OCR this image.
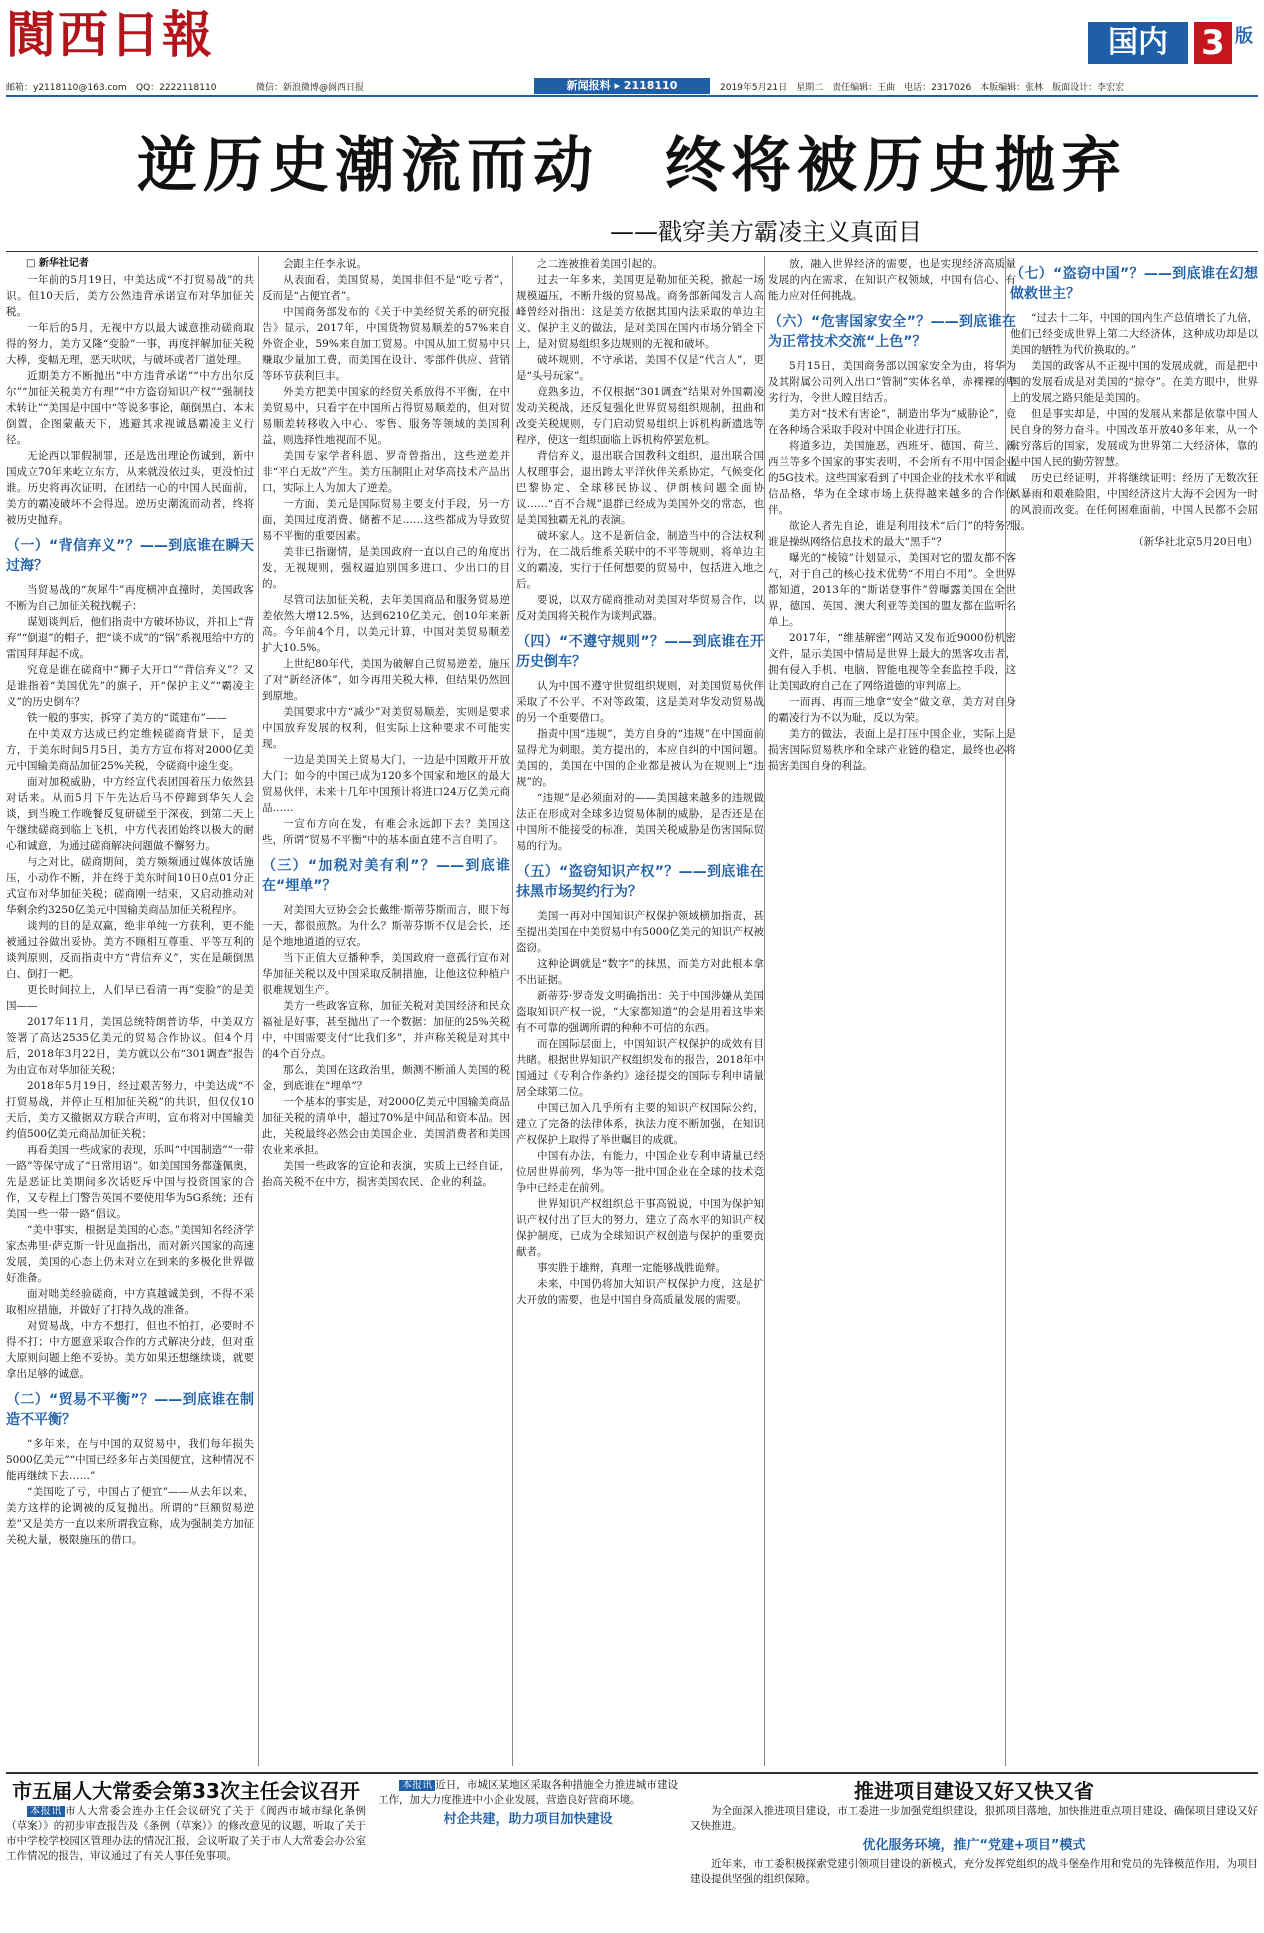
閬西日報	国内 3 版
邮箱：y2118110@163.com QQ：2222118110	微信：新浪微博@阆西日报	新闻报料 ▸ 2118110	2019年5月21日　星期二　责任编辑：王曲　电话：2317026　本版编辑：张林　版面设计：李宏宏
逆历史潮流而动　终将被历史抛弃
——戳穿美方霸凌主义真面目

□ 新华社记者

一年前的5月19日，中美达成“不打贸易战”的共识。但10天后，美方公然违背承诺宣布对华加征关税。

一年后的5月，无视中方以最大诚意推动磋商取得的努力，美方又隆“变脸”一事，再度抨解加征关税大棒，变幅无理，恶天吠吠，与破坏或者厂道处理。

近期美方不断抛出“中方违背承诺”“中方出尔反尔”“加征关税美方有理”“中方盗窃知识产权”“强制技术转让”“美国是中国中“等说多事论，颠倒黑白、本末倒置，企图蒙蔽天下，逃避其求视诚恳霸凌主义行径。

无论西以罪假制罪，还是选出理论伤诚到，新中国成立70年来屹立东方，从来就没依过头，更没怕过谁。历史将再次证明，在团结一心的中国人民面前，美方的霸凌破坏不会得逞。逆历史潮流而动者，终将被历史抛弃。

（一）“背信弃义”？——到底谁在瞬天过海？

当贸易战的“灰犀牛”再度横冲直撞时，美国政客不断为自己加征关税找幌子：

谋划谈判后，他们指责中方破坏协议，并扣上“背弃”“倒退”的帽子，把“谈不成”的“锅”系视甩给中方的雷国拜拜起不成。

究竟是谁在磋商中“狮子大开口”“背信弃义”？又是谁指着“美国优先”的旗子，开“保护主义”“霸凌主义”的历史倒车？

铁一般的事实，拆穿了美方的“谎建布”——

在中美双方达成已约定维候磋商背景下，是美方，于美东时间5月5日，美方方宣布将对2000亿美元中国输美商品加征25%关税，令磋商中途生变。

面对加税威胁，中方经宣代表团国着压力依然县对话来。从而5月下午先达后马不停蹄到华矢人会谈，到当晚工作晚餐反复研磋至于深夜，到第二天上午继续磋商到临上飞机，中方代表团始终以极大的耐心和诚意，为通过磋商解决问题做不懈努力。

与之对比，磋商期间，美方频频通过媒体放话施压，小动作不断，并在终于美东时间10日0点01分正式宣布对华加征关税；磋商刚一结束，又启动推动对华剩余约3250亿美元中国输美商品加征关税程序。

谈判的目的是双赢，绝非单纯一方获利，更不能被通过谷做出妥协。美方不顾相互尊重、平等互利的谈判原则，反而指责中方“背信弃义”，实在是颠倒黑白、倒打一耙。

更长时间拉上，人们早已看清一再“变脸”的是美国——

2017年11月，美国总统特朗普访华，中美双方签署了高达2535亿美元的贸易合作协议。但4个月后，2018年3月22日，美方就以公布“301调查”报告为由宣布对华加征关税；

2018年5月19日，经过艰苦努力，中美达成“不打贸易战，并停止互相加征关税”的共识，但仅仅10天后，美方又撤据双方联合声明，宣布将对中国输美约值500亿美元商品加征关税；

再看美国一些成家的表现，乐叫“中国制造”“一带一路”等保守成了“日常用语”。如美国国务都蓬佩奥，先是恶证比美期间多次话贬斥中国与投资国家的合作，又专程上门警告英国不要使用华为5G系统；还有美国一些一带一路”倡议。

“美中事实，根据是美国的心态。”美国知名经济学家杰弗里·萨克斯一针见血指出，而对新兴国家的高速发展，美国的心态上仍未对立在到来的多极化世界做好准备。

面对咄美经验磋商，中方真越诚美到，不得不采取相应措施，并做好了打持久战的准备。

对贸易战，中方不想打，但也不怕打，必要时不得不打；中方愿意采取合作的方式解决分歧，但对重大原则问题上绝不妥协。美方如果还想继续谈，就要拿出足够的诚意。

（二）“贸易不平衡”？——到底谁在制造不平衡？

“多年来，在与中国的双贸易中，我们每年损失5000亿美元”“中国已经多年占美国便宜，这种情况不能再继续下去……”

“美国吃了亏，中国占了便宜”——从去年以来，美方这样的论调被的反复抛出。所谓的“巨额贸易逆差”又是美方一直以来所谓我宣称，成为强制美方加征关税大量，极限施压的借口。

会跟主任李永说。

从表面看，美国贸易，美国非但不是“吃亏者”，反而是“占便宜者”。

中国商务部发布的《关于中美经贸关系的研究报告》显示，2017年，中国货物贸易顺差的57%来自外资企业，59%来自加工贸易。中国从加工贸易中只赚取少量加工费，而美国在设计、零部件供应、营销等环节获利巨丰。

外美方把美中国家的经贸关系放得不平衡，在中美贸易中，只看宇在中国所占得贸易顺差的，但对贸易顺差转移收入中心、零售、服务等领域的美国利益，则选择性地视而不见。

美国专家学者科恩、罗奇曾指出，这些逆差并非“平白无故”产生。美方压制阻止对华高技术产品出口，实际上人为加大了逆差。

一方面，美元是国际贸易主要支付手段，另一方面，美国过度消费、储蓄不足……这些都成为导致贸易不平衡的重要因素。

美非已指谢情，是美国政府一直以自己的角度出发，无视规则，强权逼迫别国多进口、少出口的目的。

尽管司法加征关税，去年美国商品和服务贸易逆差依然大增12.5%，达到6210亿美元，创10年来新高。今年前4个月，以美元计算，中国对美贸易顺差扩大10.5%。

上世纪80年代，美国为破解自己贸易逆差，施压了对“新经济体”，如今再用关税大棒，但结果仍然回到原地。

美国要求中方“减少”对美贸易顺差，实则是要求中国放弃发展的权利，但实际上这种要求不可能实现。

一边是美国关上贸易大门，一边是中国敞开开放大门；如今的中国已成为120多个国家和地区的最大贸易伙伴，未来十几年中国预计将进口24万亿美元商品……

一宣布方向在发，有难会永远卸下去？美国这些，所谓“贸易不平衡”中的基本面直建不言自明了。

（三）“加税对美有利”？——到底谁在“埋单”？

对美国大豆协会会长戴维·斯蒂芬斯而言，眼下每一天，都很煎熬。为什么？斯蒂芬斯不仅是会长，还是个地地道道的豆农。

当下正值大豆播种季，美国政府一意孤行宣布对华加征关税以及中国采取反制措施，让他这位种植户很难规划生产。

美方一些政客宣称，加征关税对美国经济和民众福祉是好事，甚至抛出了一个数据：加征的25%关税中，中国需要支付“比我们多”，并声称关税是对其中的4个百分点。

那么，美国在这政治里，颇测不断涌人美国的税金，到底谁在“埋单”？

一个基本的事实是，对2000亿美元中国输美商品加征关税的清单中，超过70%是中间品和资本品。因此，关税最终必然会由美国企业、美国消费者和美国农业来承担。

美国一些政客的宣论和表演，实质上已经自证，抬高关税不在中方，损害美国农民、企业的利益。

之二连被推着美国引起的。

过去一年多来，美国更是勒加征关税，掀起一场规模逼压，不断升级的贸易战。商务部新闻发言人高峰曾经对指出：这是美方依据其国内法采取的单边主义、保护主义的做法，是对美国在国内市场分销全下上，是对贸易组织多边规则的无视和破坏。

破坏规则，不守承诺，美国不仅是“代言人”，更是“头号玩家”。

竟熟多边，不仅根据“301调查”结果对外国霸凌发动关税战，还反复强化世界贸易组织规制，扭曲和改变关税规则，专门启动贸易组织上诉机构新遗选等程序，使这一组织面临上诉机构停罢危机。

背信弃义，退出联合国教科文组织，退出联合国人权理事会，退出跨太平洋伙伴关系协定，气候变化巴黎协定、全球移民协议、伊朗核问题全面协议……“百不合规”退群已经成为美国外交的常态，也是美国独霸无礼的表演。

破坏家人。这不是新信金，制造当中的合法权利行为，在二战后维系关联中的不平等规则，将单边主义的霸凌，实行于任何想要的贸易中，包括进入地之后。

要说，以双方磋商推动对美国对华贸易合作，以反对美国将关税作为谈判武器。

（四）“不遵守规则”？——到底谁在开历史倒车？

认为中国不遵守世贸组织规则，对美国贸易伙伴采取了不公平、不对等政策，这是美对华发动贸易战的另一个重要借口。

指责中国“违规”，美方自身的“违规”在中国面前显得尤为刺眼。美方提出的，本应自纠的中国问题。美国的，美国在中国的企业都是被认为在规则上“违规”的。

“违规”是必须面对的——美国越来越多的违规做法正在形成对全球多边贸易体制的威胁，是否还是在中国所不能接受的标准，美国关税威胁是伤害国际贸易的行为。

（五）“盗窃知识产权”？——到底谁在抹黑市场契约行为？

美国一再对中国知识产权保护领域横加指责，甚至提出美国在中美贸易中有5000亿美元的知识产权被盗窃。

这种论调就是“数字”的抹黑，而美方对此根本拿不出证据。

新蒂芬·罗奇发文明确指出：关于中国涉嫌从美国盗取知识产权一说，“大家都知道”的会是用着这毕来有不可靠的强调所谓的种种不可信的东西。

而在国际层面上，中国知识产权保护的成效有目共睹。根据世界知识产权组织发布的报告，2018年中国通过《专利合作条约》途径提交的国际专利申请量居全球第二位。

中国已加入几乎所有主要的知识产权国际公约，建立了完备的法律体系，执法力度不断加强，在知识产权保护上取得了举世瞩目的成就。

中国有办法，有能力，中国企业专利申请量已经位居世界前列，华为等一批中国企业在全球的技术竞争中已经走在前列。

世界知识产权组织总干事高锐说，中国为保护知识产权付出了巨大的努力，建立了高水平的知识产权保护制度，已成为全球知识产权创造与保护的重要贡献者。

事实胜于雄辩，真理一定能够战胜诡辩。

未来，中国仍将加大知识产权保护力度，这是扩大开放的需要，也是中国自身高质量发展的需要。

放，融入世界经济的需要，也是实现经济高质量发展的内在需求，在知识产权领域，中国有信心、有能力应对任何挑战。

（六）“危害国家安全”？——到底谁在为正常技术交流“上色”？

5月15日，美国商务部以国家安全为由，将华为及其附属公司列入出口“管制”实体名单，赤裸裸的卑劣行为，令世人瞠目结舌。

美方对“技术有害论”，制造出华为“威胁论”，竟在各种场合采取手段对中国企业进行打压。

将道多边，美国施恶，西班牙、德国、荷兰、新西兰等多个国家的事实表明，不会所有不用中国企业的5G技术。这些国家看到了中国企业的技术水平和诚信品格，华为在全球市场上获得越来越多的合作伙伴。

欲论人者先自论，谁是利用技术“后门”的特务？谁是操纵网络信息技术的最大“黑手”？

曝光的“棱镜”计划显示，美国对它的盟友都不客气，对于自己的核心技术优势“不用白不用”。全世界都知道，2013年的“斯诺登事件”曾曝露美国在全世界，德国、英国、澳大利亚等美国的盟友都在监听名单上。

2017年，“维基解密”网站又发布近9000份机密文件，显示美国中情局是世界上最大的黑客攻击者，拥有侵入手机、电脑、智能电视等全套监控手段，这让美国政府自己在了网络道德的审判席上。

一而再、再而三地拿“安全”做文章，美方对自身的霸凌行为不以为耻，反以为荣。

美方的做法，表面上是打压中国企业，实际上是损害国际贸易秩序和全球产业链的稳定，最终也必将损害美国自身的利益。

（七）“盗窃中国”？——到底谁在幻想做救世主？

“过去十二年，中国的国内生产总值增长了九倍，他们已经变成世界上第二大经济体，这种成功却是以美国的牺牲为代价换取的。”

美国的政客从不正视中国的发展成就，而是把中国的发展看成是对美国的“掠夺”。在美方眼中，世界上的发展之路只能是美国的。

但是事实却是，中国的发展从来都是依靠中国人民自身的努力奋斗。中国改革开放40多年来，从一个贫穷落后的国家，发展成为世界第二大经济体，靠的是中国人民的勤劳智慧。

历史已经证明，并将继续证明：经历了无数次狂风暴雨和艰难险阻，中国经济这片大海不会因为一时的风浪而改变。在任何困难面前，中国人民都不会屈服。

（新华社北京5月20日电）

市五届人大常委会第33次主任会议召开

本报讯 市人大常委会连办主任会议研究了关于《阆西市城市绿化条例（草案）》的初步审查报告及《条例（草案）》的修改意见的议题，听取了关于市中学校学校园区管理办法的情况汇报，会议听取了关于市人大常委会办公室工作情况的报告，审议通过了有关人事任免事项。

本报讯 近日，市城区某地区采取各种措施全力推进城市建设工作，加大力度推进中小企业发展，营造良好营商环境。

村企共建，助力项目加快建设
推进项目建设又好又快又省

为全面深入推进项目建设，市工委进一步加强党组织建设，狠抓项目落地，加快推进重点项目建设，确保项目建设又好又快推进。

优化服务环境，推广“党建+项目”模式

近年来，市工委积极探索党建引领项目建设的新模式，充分发挥党组织的战斗堡垒作用和党员的先锋模范作用，为项目建设提供坚强的组织保障。
